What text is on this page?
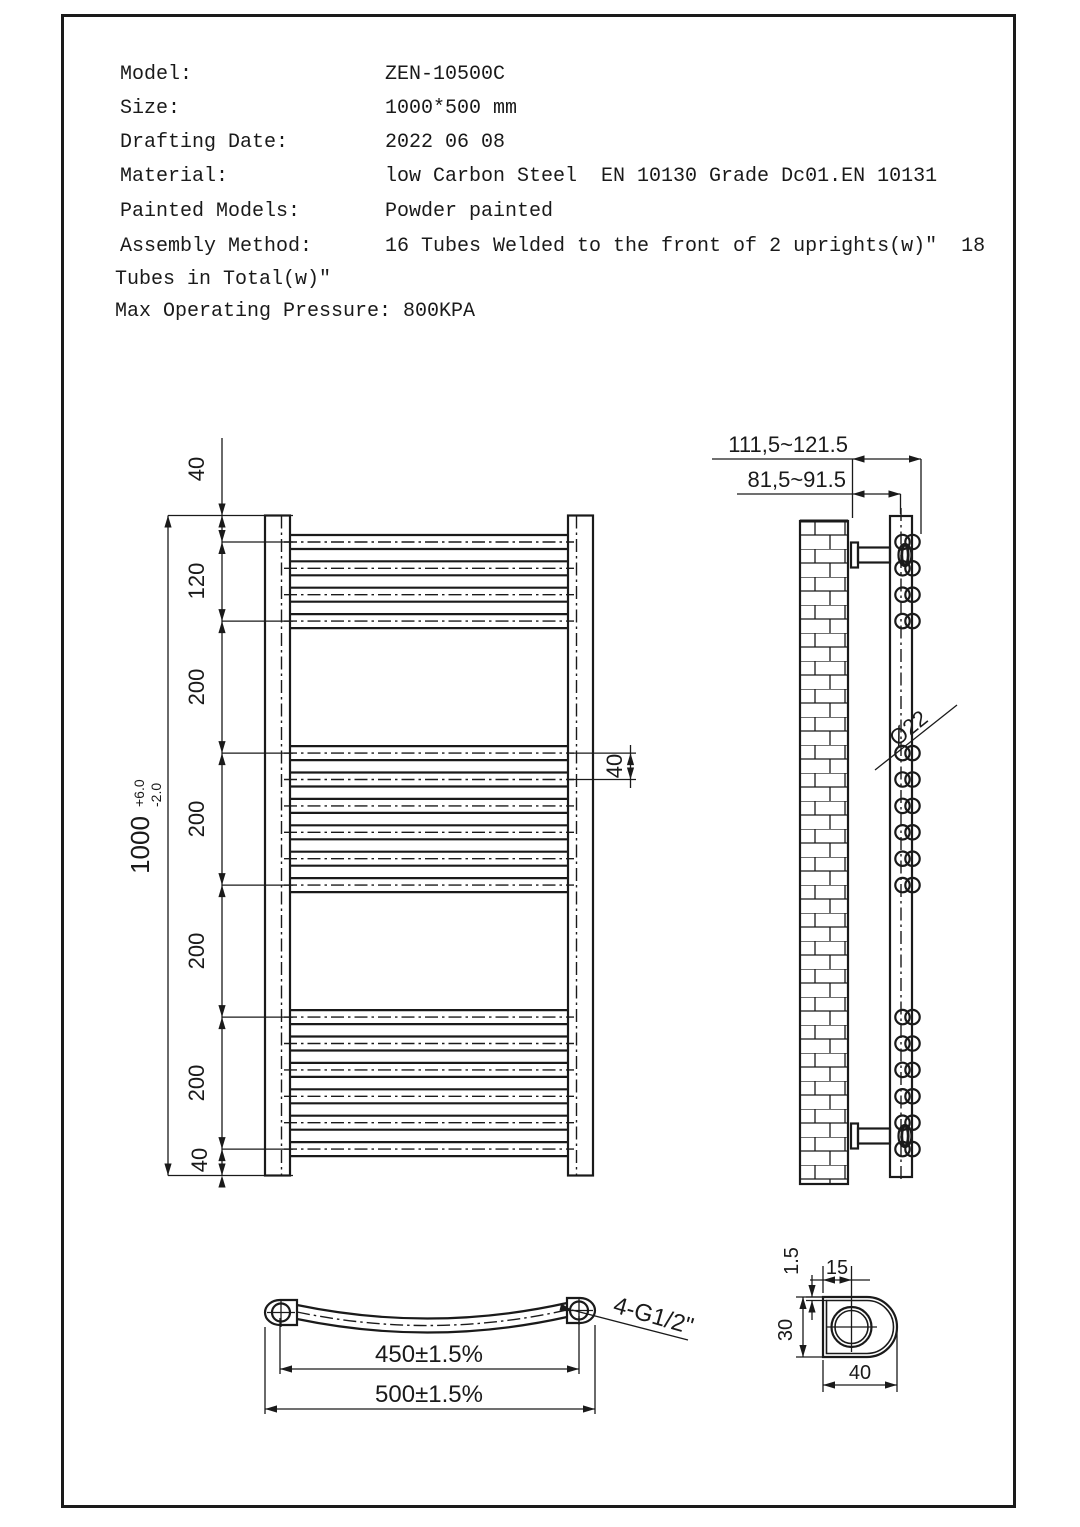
Model:	ZEN-10500C
Size:	1000*500 mm
Drafting Date:	2022 06 08
Material:	low Carbon Steel  EN 10130 Grade Dc01.EN 10131
Painted Models:	Powder painted
Assembly Method:	16 Tubes Welded to the front of 2 uprights(w)"  18
Tubes in Total(w)"
Max Operating Pressure: 800KPA
40
120
200
200
200
200
40
1000
+6.0 -2.0
40
111,5~121.5
81,5~91.5
Ø22
450±1.5%
500±1.5%
4-G1/2"
15
1.5
30
40
